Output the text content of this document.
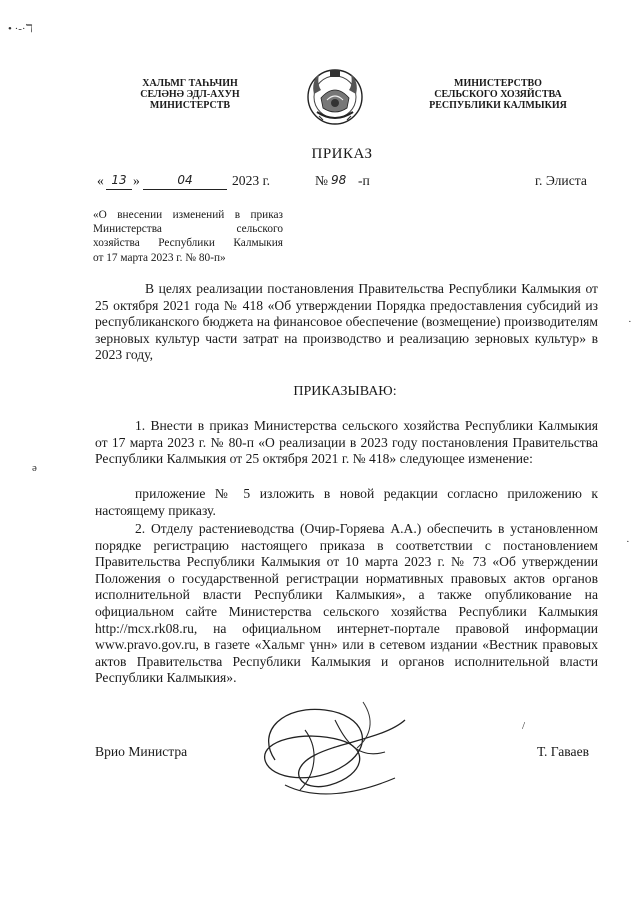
• ·-·ℸ
ХАЛЬМГ ТАҺЬЧИН
СЕЛӘНӘ ЭДЛ-АХУН
МИНИСТЕРСТВ
МИНИСТЕРСТВО
СЕЛЬСКОГО ХОЗЯЙСТВА
РЕСПУБЛИКИ КАЛМЫКИЯ
ПРИКАЗ
« 13 »	04	2023 г.	№ 98 -п	г. Элиста
«О внесении изменений в приказ
Министерства сельского
хозяйства Республики Калмыкия
от 17 марта 2023 г. № 80-п»
В целях реализации постановления Правительства Республики Калмыкия от 25 октября 2021 года № 418 «Об утверждении Порядка предоставления субсидий из республиканского бюджета на финансовое обеспечение (возмещение) производителям зерновых культур части затрат на производство и реализацию зерновых культур» в 2023 году,
ПРИКАЗЫВАЮ:
1. Внести в приказ Министерства сельского хозяйства Республики Калмыкия от 17 марта 2023 г. № 80-п «О реализации в 2023 году постановления Правительства Республики Калмыкия от 25 октября 2021 г. № 418» следующее изменение:
приложение № 5 изложить в новой редакции согласно приложению к настоящему приказу.
2. Отделу растениеводства (Очир-Горяева А.А.) обеспечить в установленном порядке регистрацию настоящего приказа в соответствии с постановлением Правительства Республики Калмыкия от 10 марта 2023 г. № 73 «Об утверждении Положения о государственной регистрации нормативных правовых актов органов исполнительной власти Республики Калмыкия», а также опубликование на официальном сайте Министерства сельского хозяйства Республики Калмыкия http://mcx.rk08.ru, на официальном интернет-портале правовой информации www.pravo.gov.ru, в газете «Хальмг үнн» или в сетевом издании «Вестник правовых актов Правительства Республики Калмыкия и органов исполнительной власти Республики Калмыкия».
ə
·
·
/
Врио Министра	Т. Гаваев
